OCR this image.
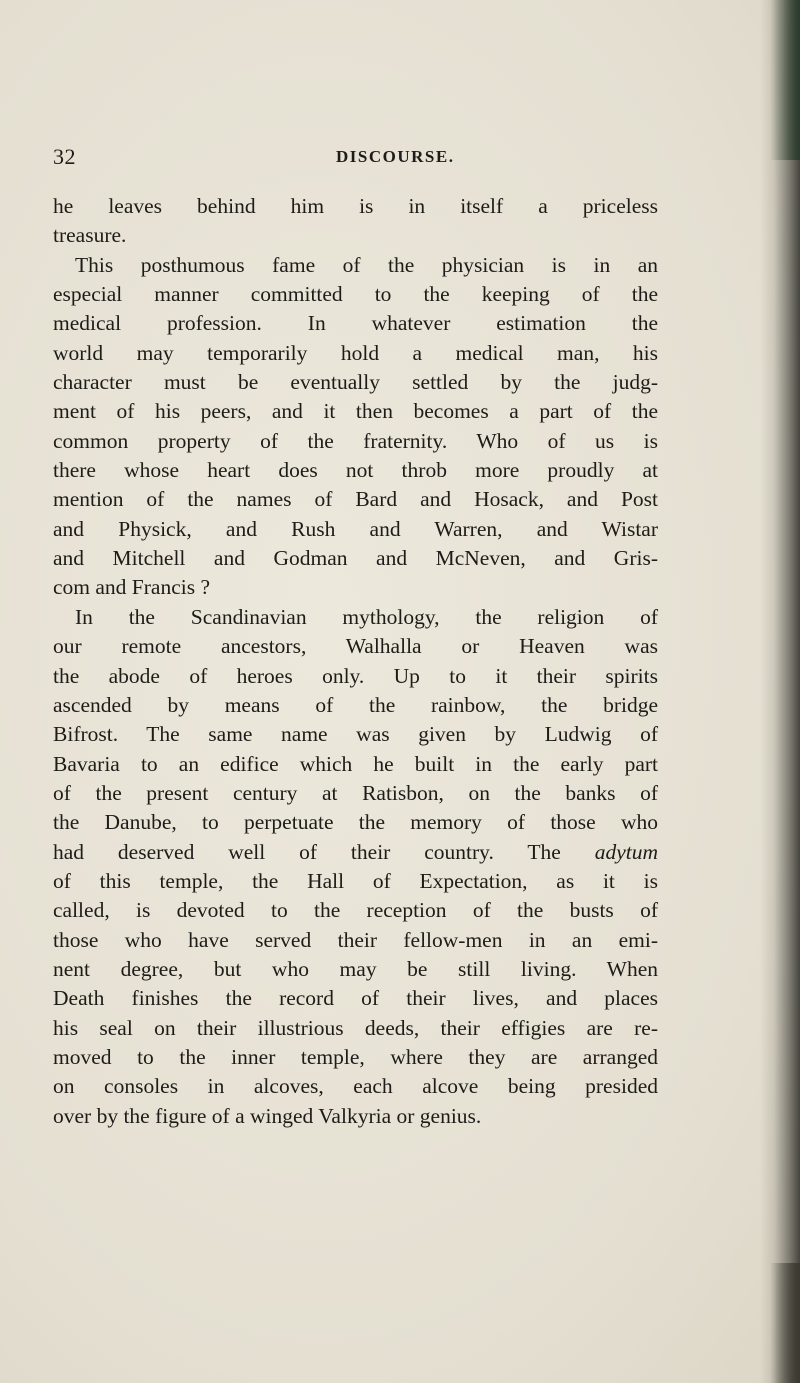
32	DISCOURSE.
he leaves behind him is in itself a priceless
treasure.
This posthumous fame of the physician is in an
especial manner committed to the keeping of the
medical profession. In whatever estimation the
world may temporarily hold a medical man, his
character must be eventually settled by the judg-
ment of his peers, and it then becomes a part of the
common property of the fraternity. Who of us is
there whose heart does not throb more proudly at
mention of the names of Bard and Hosack, and Post
and Physick, and Rush and Warren, and Wistar
and Mitchell and Godman and McNeven, and Gris-
com and Francis ?
In the Scandinavian mythology, the religion of
our remote ancestors, Walhalla or Heaven was
the abode of heroes only. Up to it their spirits
ascended by means of the rainbow, the bridge
Bifrost. The same name was given by Ludwig of
Bavaria to an edifice which he built in the early part
of the present century at Ratisbon, on the banks of
the Danube, to perpetuate the memory of those who
had deserved well of their country. The adytum
of this temple, the Hall of Expectation, as it is
called, is devoted to the reception of the busts of
those who have served their fellow-men in an emi-
nent degree, but who may be still living. When
Death finishes the record of their lives, and places
his seal on their illustrious deeds, their effigies are re-
moved to the inner temple, where they are arranged
on consoles in alcoves, each alcove being presided
over by the figure of a winged Valkyria or genius.
